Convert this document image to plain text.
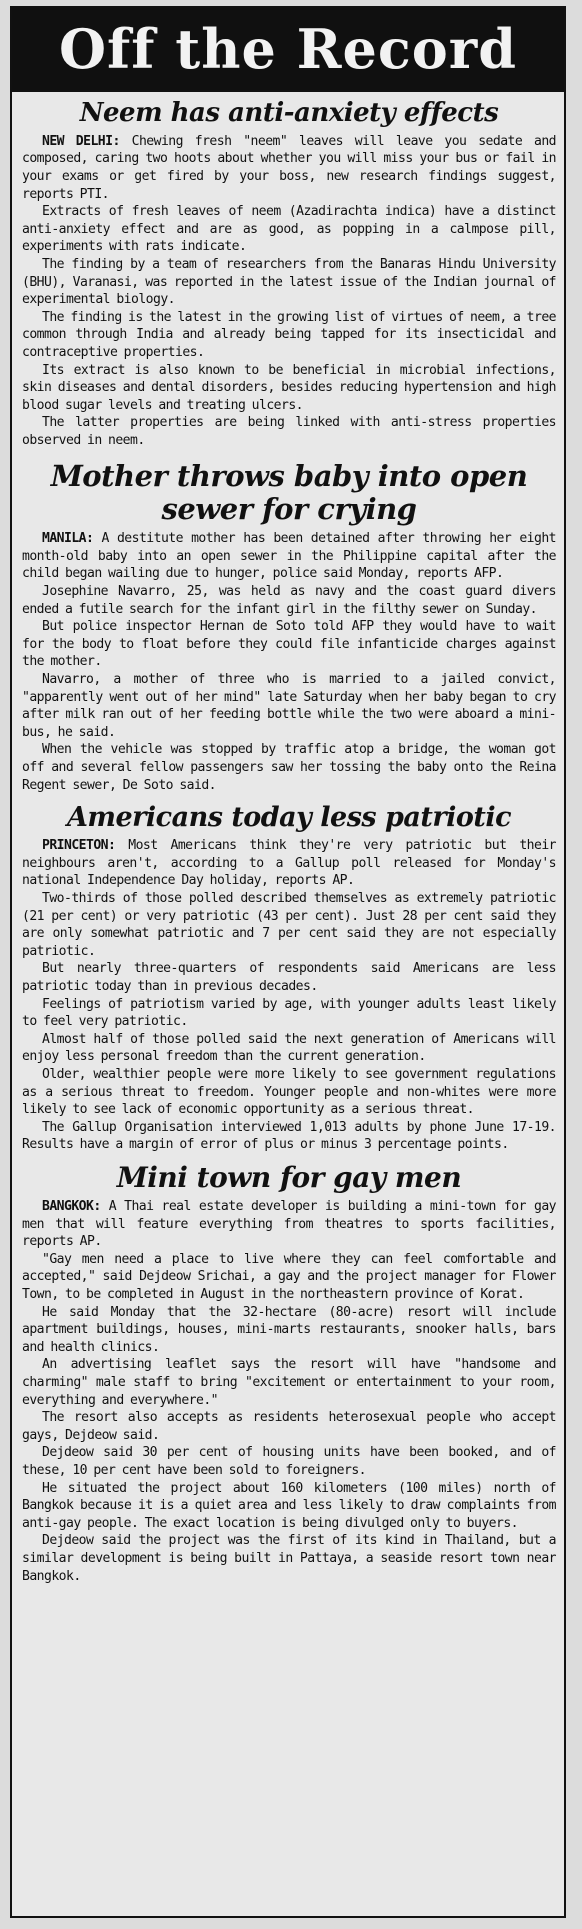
Off the Record
Neem has anti-anxiety effects

NEW DELHI: Chewing fresh "neem" leaves will leave you sedate and composed, caring two hoots about whether you will miss your bus or fail in your exams or get fired by your boss, new research findings suggest, reports PTI.

Extracts of fresh leaves of neem (Azadirachta indica) have a distinct anti-anxiety effect and are as good, as popping in a calmpose pill, experiments with rats indicate.

The finding by a team of researchers from the Banaras Hindu University (BHU), Varanasi, was reported in the latest issue of the Indian journal of experimental biology.

The finding is the latest in the growing list of virtues of neem, a tree common through India and already being tapped for its insecticidal and contraceptive properties.

Its extract is also known to be beneficial in microbial infections, skin diseases and dental disorders, besides reducing hypertension and high blood sugar levels and treating ulcers.

The latter properties are being linked with anti-stress properties observed in neem.

Mother throws baby into open sewer for crying

MANILA: A destitute mother has been detained after throwing her eight month-old baby into an open sewer in the Philippine capital after the child began wailing due to hunger, police said Monday, reports AFP.

Josephine Navarro, 25, was held as navy and the coast guard divers ended a futile search for the infant girl in the filthy sewer on Sunday.

But police inspector Hernan de Soto told AFP they would have to wait for the body to float before they could file infanticide charges against the mother.

Navarro, a mother of three who is married to a jailed convict, "apparently went out of her mind" late Saturday when her baby began to cry after milk ran out of her feeding bottle while the two were aboard a mini-bus, he said.

When the vehicle was stopped by traffic atop a bridge, the woman got off and several fellow passengers saw her tossing the baby onto the Reina Regent sewer, De Soto said.

Americans today less patriotic

PRINCETON: Most Americans think they're very patriotic but their neighbours aren't, according to a Gallup poll released for Monday's national Independence Day holiday, reports AP.

Two-thirds of those polled described themselves as extremely patriotic (21 per cent) or very patriotic (43 per cent). Just 28 per cent said they are only somewhat patriotic and 7 per cent said they are not especially patriotic.

But nearly three-quarters of respondents said Americans are less patriotic today than in previous decades.

Feelings of patriotism varied by age, with younger adults least likely to feel very patriotic.

Almost half of those polled said the next generation of Americans will enjoy less personal freedom than the current generation.

Older, wealthier people were more likely to see government regulations as a serious threat to freedom. Younger people and non-whites were more likely to see lack of economic opportunity as a serious threat.

The Gallup Organisation interviewed 1,013 adults by phone June 17-19. Results have a margin of error of plus or minus 3 percentage points.

Mini town for gay men

BANGKOK: A Thai real estate developer is building a mini-town for gay men that will feature everything from theatres to sports facilities, reports AP.

"Gay men need a place to live where they can feel comfortable and accepted," said Dejdeow Srichai, a gay and the project manager for Flower Town, to be completed in August in the northeastern province of Korat.

He said Monday that the 32-hectare (80-acre) resort will include apartment buildings, houses, mini-marts restaurants, snooker halls, bars and health clinics.

An advertising leaflet says the resort will have "handsome and charming" male staff to bring "excitement or entertainment to your room, everything and everywhere."

The resort also accepts as residents heterosexual people who accept gays, Dejdeow said.

Dejdeow said 30 per cent of housing units have been booked, and of these, 10 per cent have been sold to foreigners.

He situated the project about 160 kilometers (100 miles) north of Bangkok because it is a quiet area and less likely to draw complaints from anti-gay people. The exact location is being divulged only to buyers.

Dejdeow said the project was the first of its kind in Thailand, but a similar development is being built in Pattaya, a seaside resort town near Bangkok.
